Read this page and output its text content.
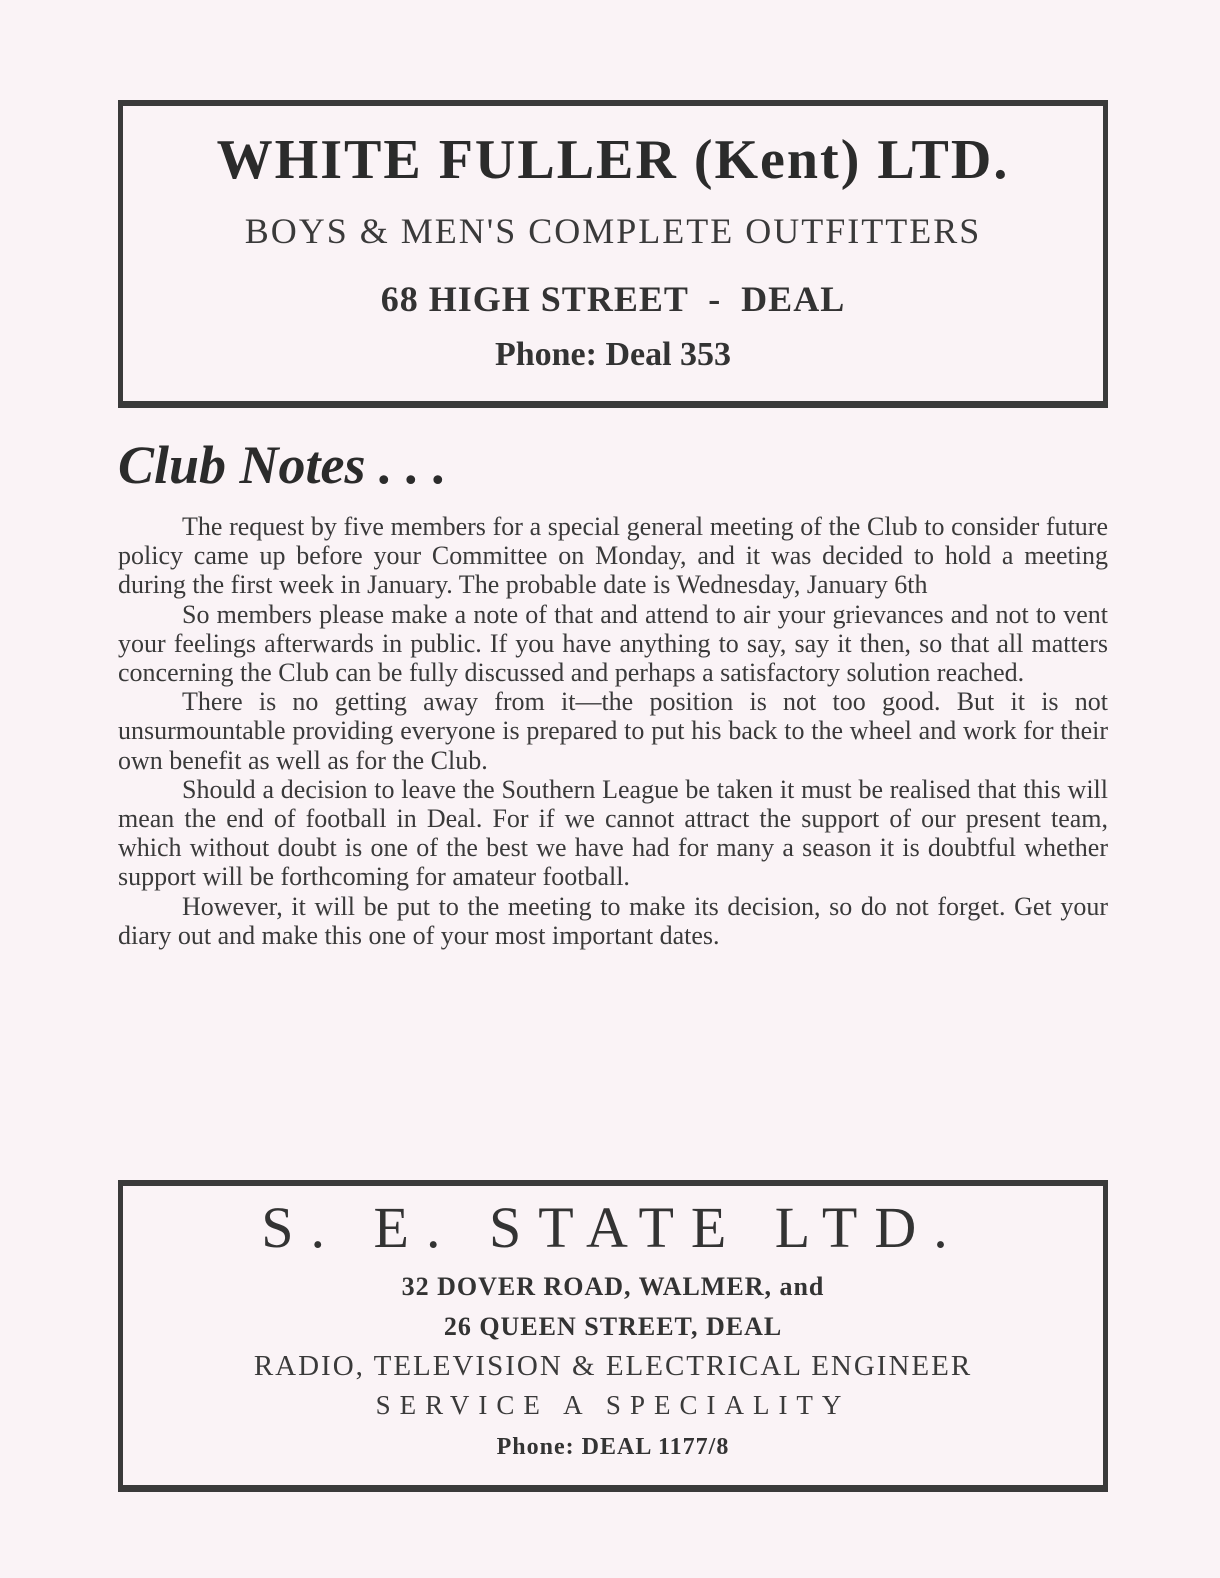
WHITE FULLER (Kent) LTD.
BOYS & MEN'S COMPLETE OUTFITTERS
68 HIGH STREET  -  DEAL
Phone: Deal 353
Club Notes . . .

The request by five members for a special general meeting of the Club to consider future policy came up before your Committee on Monday, and it was decided to hold a meeting during the first week in January. The probable date is Wednesday, January 6th

So members please make a note of that and attend to air your grievances and not to vent your feelings afterwards in public. If you have anything to say, say it then, so that all matters concerning the Club can be fully discussed and perhaps a satisfactory solution reached.

There is no getting away from it—the position is not too good. But it is not unsurmountable providing everyone is prepared to put his back to the wheel and work for their own benefit as well as for the Club.

Should a decision to leave the Southern League be taken it must be realised that this will mean the end of football in Deal. For if we cannot attract the support of our present team, which without doubt is one of the best we have had for many a season it is doubtful whether support will be forthcoming for amateur football.

However, it will be put to the meeting to make its decision, so do not forget. Get your diary out and make this one of your most important dates.

S. E. STATE LTD.
32 DOVER ROAD, WALMER, and
26 QUEEN STREET, DEAL
RADIO, TELEVISION & ELECTRICAL ENGINEER
SERVICE A SPECIALITY
Phone: DEAL 1177/8
